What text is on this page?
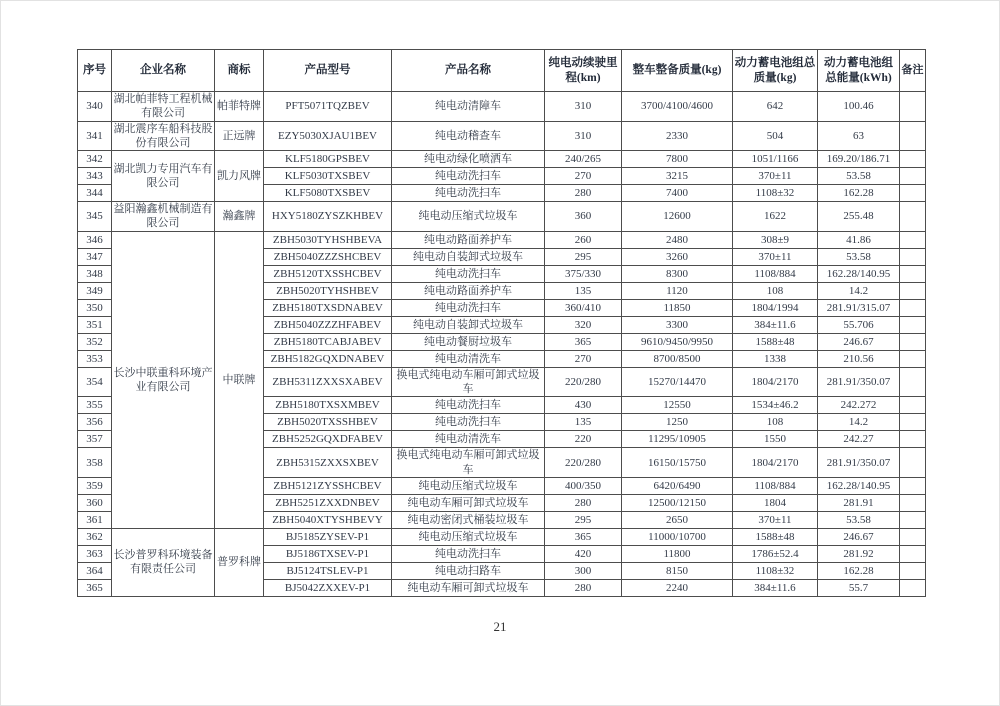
序号	企业名称	商标	产品型号	产品名称	纯电动续驶里程(km)	整车整备质量(kg)	动力蓄电池组总质量(kg)	动力蓄电池组总能量(kWh)	备注
340	湖北帕菲特工程机械有限公司	帕菲特牌	PFT5071TQZBEV	纯电动清障车	310	3700/4100/4600	642	100.46	
341	湖北震序车船科技股份有限公司	正远牌	EZY5030XJAU1BEV	纯电动稽查车	310	2330	504	63	
342	湖北凯力专用汽车有限公司	凯力风牌	KLF5180GPSBEV	纯电动绿化喷洒车	240/265	7800	1051/1166	169.20/186.71	
343			KLF5030TXSBEV	纯电动洗扫车	270	3215	370±11	53.58	
344			KLF5080TXSBEV	纯电动洗扫车	280	7400	1108±32	162.28	
345	益阳瀚鑫机械制造有限公司	瀚鑫牌	HXY5180ZYSZKHBEV	纯电动压缩式垃圾车	360	12600	1622	255.48	
346	长沙中联重科环境产业有限公司	中联牌	ZBH5030TYHSHBEVA	纯电动路面养护车	260	2480	308±9	41.86	
347			ZBH5040ZZZSHCBEV	纯电动自装卸式垃圾车	295	3260	370±11	53.58	
348			ZBH5120TXSSHCBEV	纯电动洗扫车	375/330	8300	1108/884	162.28/140.95	
349			ZBH5020TYHSHBEV	纯电动路面养护车	135	1120	108	14.2	
350			ZBH5180TXSDNABEV	纯电动洗扫车	360/410	11850	1804/1994	281.91/315.07	
351			ZBH5040ZZZHFABEV	纯电动自装卸式垃圾车	320	3300	384±11.6	55.706	
352			ZBH5180TCABJABEV	纯电动餐厨垃圾车	365	9610/9450/9950	1588±48	246.67	
353			ZBH5182GQXDNABEV	纯电动清洗车	270	8700/8500	1338	210.56	
354			ZBH5311ZXXSXABEV	换电式纯电动车厢可卸式垃圾车	220/280	15270/14470	1804/2170	281.91/350.07	
355			ZBH5180TXSXMBEV	纯电动洗扫车	430	12550	1534±46.2	242.272	
356			ZBH5020TXSSHBEV	纯电动洗扫车	135	1250	108	14.2	
357			ZBH5252GQXDFABEV	纯电动清洗车	220	11295/10905	1550	242.27	
358			ZBH5315ZXXSXBEV	换电式纯电动车厢可卸式垃圾车	220/280	16150/15750	1804/2170	281.91/350.07	
359			ZBH5121ZYSSHCBEV	纯电动压缩式垃圾车	400/350	6420/6490	1108/884	162.28/140.95	
360			ZBH5251ZXXDNBEV	纯电动车厢可卸式垃圾车	280	12500/12150	1804	281.91	
361			ZBH5040XTYSHBEVY	纯电动密闭式桶装垃圾车	295	2650	370±11	53.58	
362	长沙普罗科环境装备有限责任公司	普罗科牌	BJ5185ZYSEV-P1	纯电动压缩式垃圾车	365	11000/10700	1588±48	246.67	
363			BJ5186TXSEV-P1	纯电动洗扫车	420	11800	1786±52.4	281.92	
364			BJ5124TSLEV-P1	纯电动扫路车	300	8150	1108±32	162.28	
365			BJ5042ZXXEV-P1	纯电动车厢可卸式垃圾车	280	2240	384±11.6	55.7	
21
